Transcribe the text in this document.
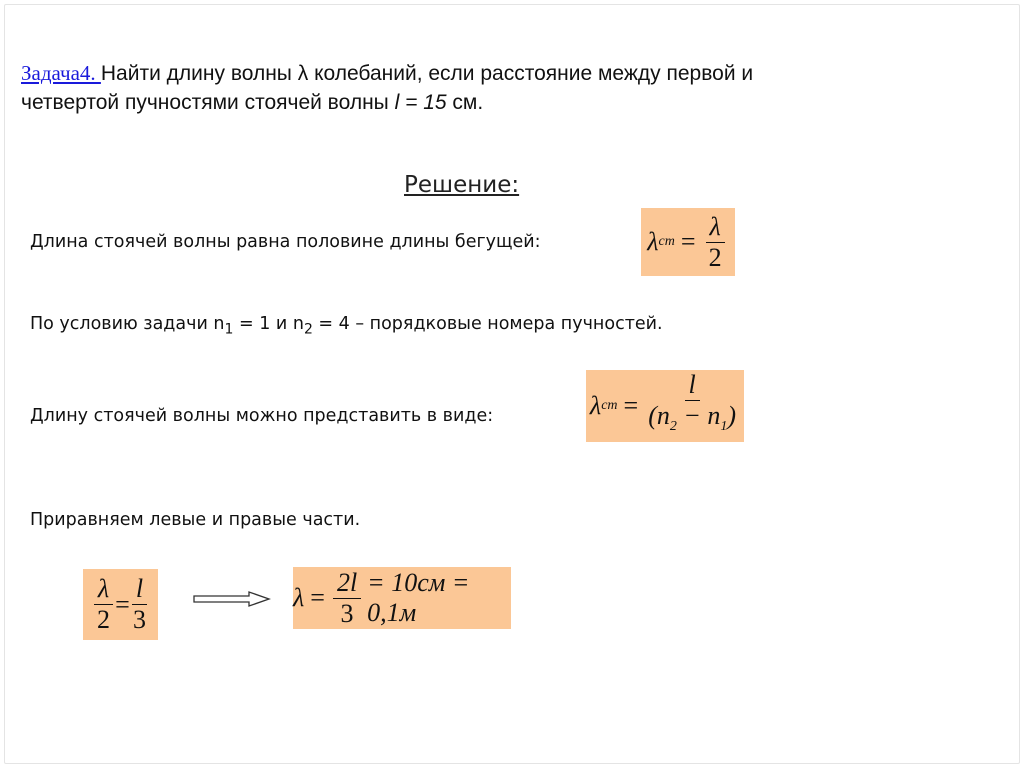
Задача4. Найти длину волны λ колебаний, если расстояние между первой и
четвертой пучностями стоячей волны l = 15 см.
Решение:
Длина стоячей волны равна половине длины бегущей:	λ cm = $\frac{\lambda}{2}$
По условию задачи $n_1 = 1$ и $n_2 = 4$ – порядковые номера пучностей.
Длину стоячей волны можно представить в виде:	λ cm = $\frac{l}{(n_2 - n_1)}$
Приравняем левые и правые части.
$\frac{\lambda}{2} = \frac{l}{3}$	$\lambda = \frac{2l}{3} = 10см = 0,1м$
